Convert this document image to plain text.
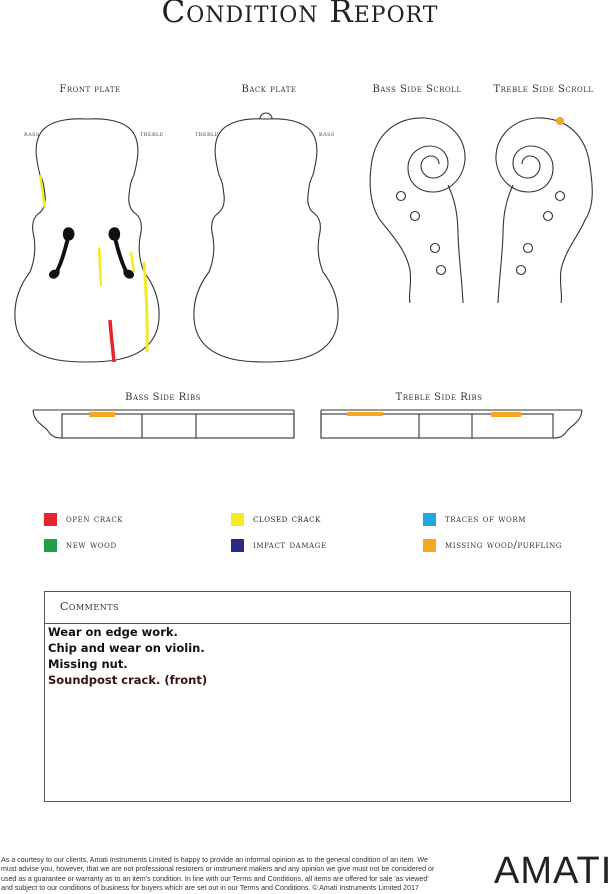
Condition Report
Front plate	Back plate	Bass Side Scroll	Treble Side Scroll
Bass Side Ribs	Treble Side Ribs
bass	treble	treble	bass
open crack	closed crack	traces of worm
new wood	impact damage	missing wood/purfling
Comments
Wear on edge work.
Chip and wear on violin.
Missing nut.
Soundpost crack. (front)
As a courtesy to our clients, Amati Instruments Limited is happy to provide an informal opinion as to the general condition of an item. We must advise you, however, that we are not professional restorers or instrument makers and any opinion we give must not be considered or used as a guarantee or warranty as to an item's condition. In line with our Terms and Conditions, all items are offered for sale 'as viewed' and subject to our conditions of business for buyers which are set out in our Terms and Conditions. © Amati Instruments Limited 2017	AMATI
